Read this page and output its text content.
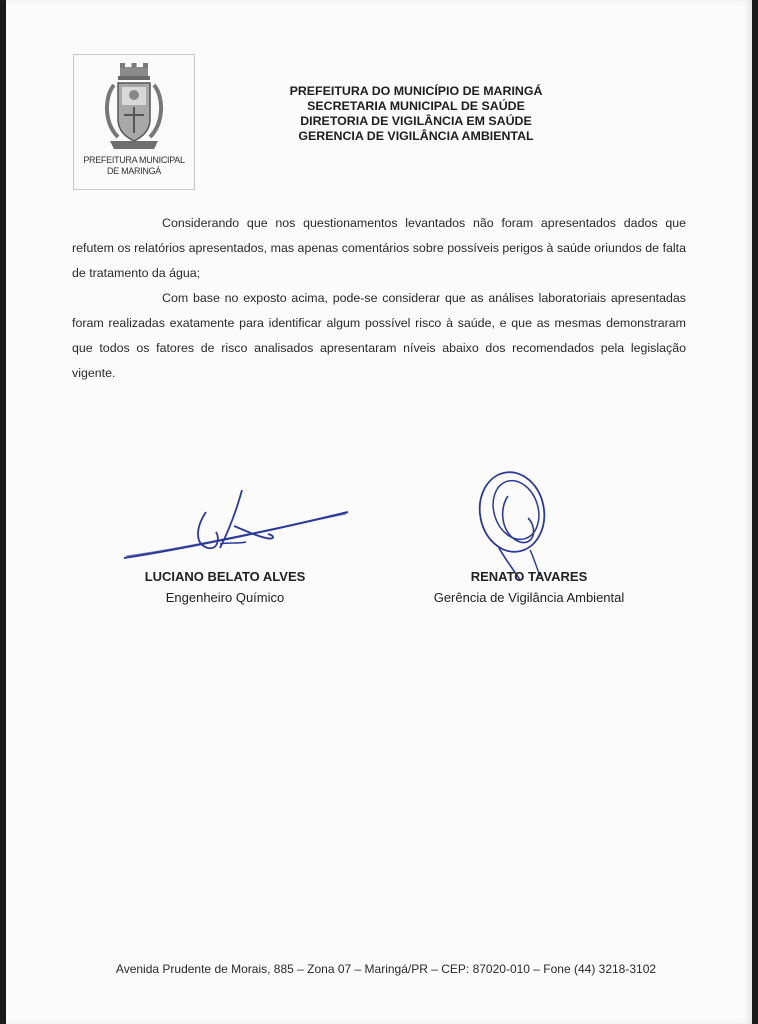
PREFEITURA MUNICIPAL
DE MARINGÁ
PREFEITURA DO MUNICÍPIO DE MARINGÁ
SECRETARIA MUNICIPAL DE SAÚDE
DIRETORIA DE VIGILÂNCIA EM SAÚDE
GERENCIA DE VIGILÂNCIA AMBIENTAL

Considerando que nos questionamentos levantados não foram apresentados dados que refutem os relatórios apresentados, mas apenas comentários sobre possíveis perigos à saúde oriundos de falta de tratamento da água;

Com base no exposto acima, pode-se considerar que as análises laboratoriais apresentadas foram realizadas exatamente para identificar algum possível risco à saúde, e que as mesmas demonstraram que todos os fatores de risco analisados apresentaram níveis abaixo dos recomendados pela legislação vigente.

LUCIANO BELATO ALVES
Engenheiro Químico
RENATO TAVARES
Gerência de Vigilância Ambiental
Avenida Prudente de Morais, 885 – Zona 07 – Maringá/PR – CEP: 87020-010 – Fone (44) 3218-3102
